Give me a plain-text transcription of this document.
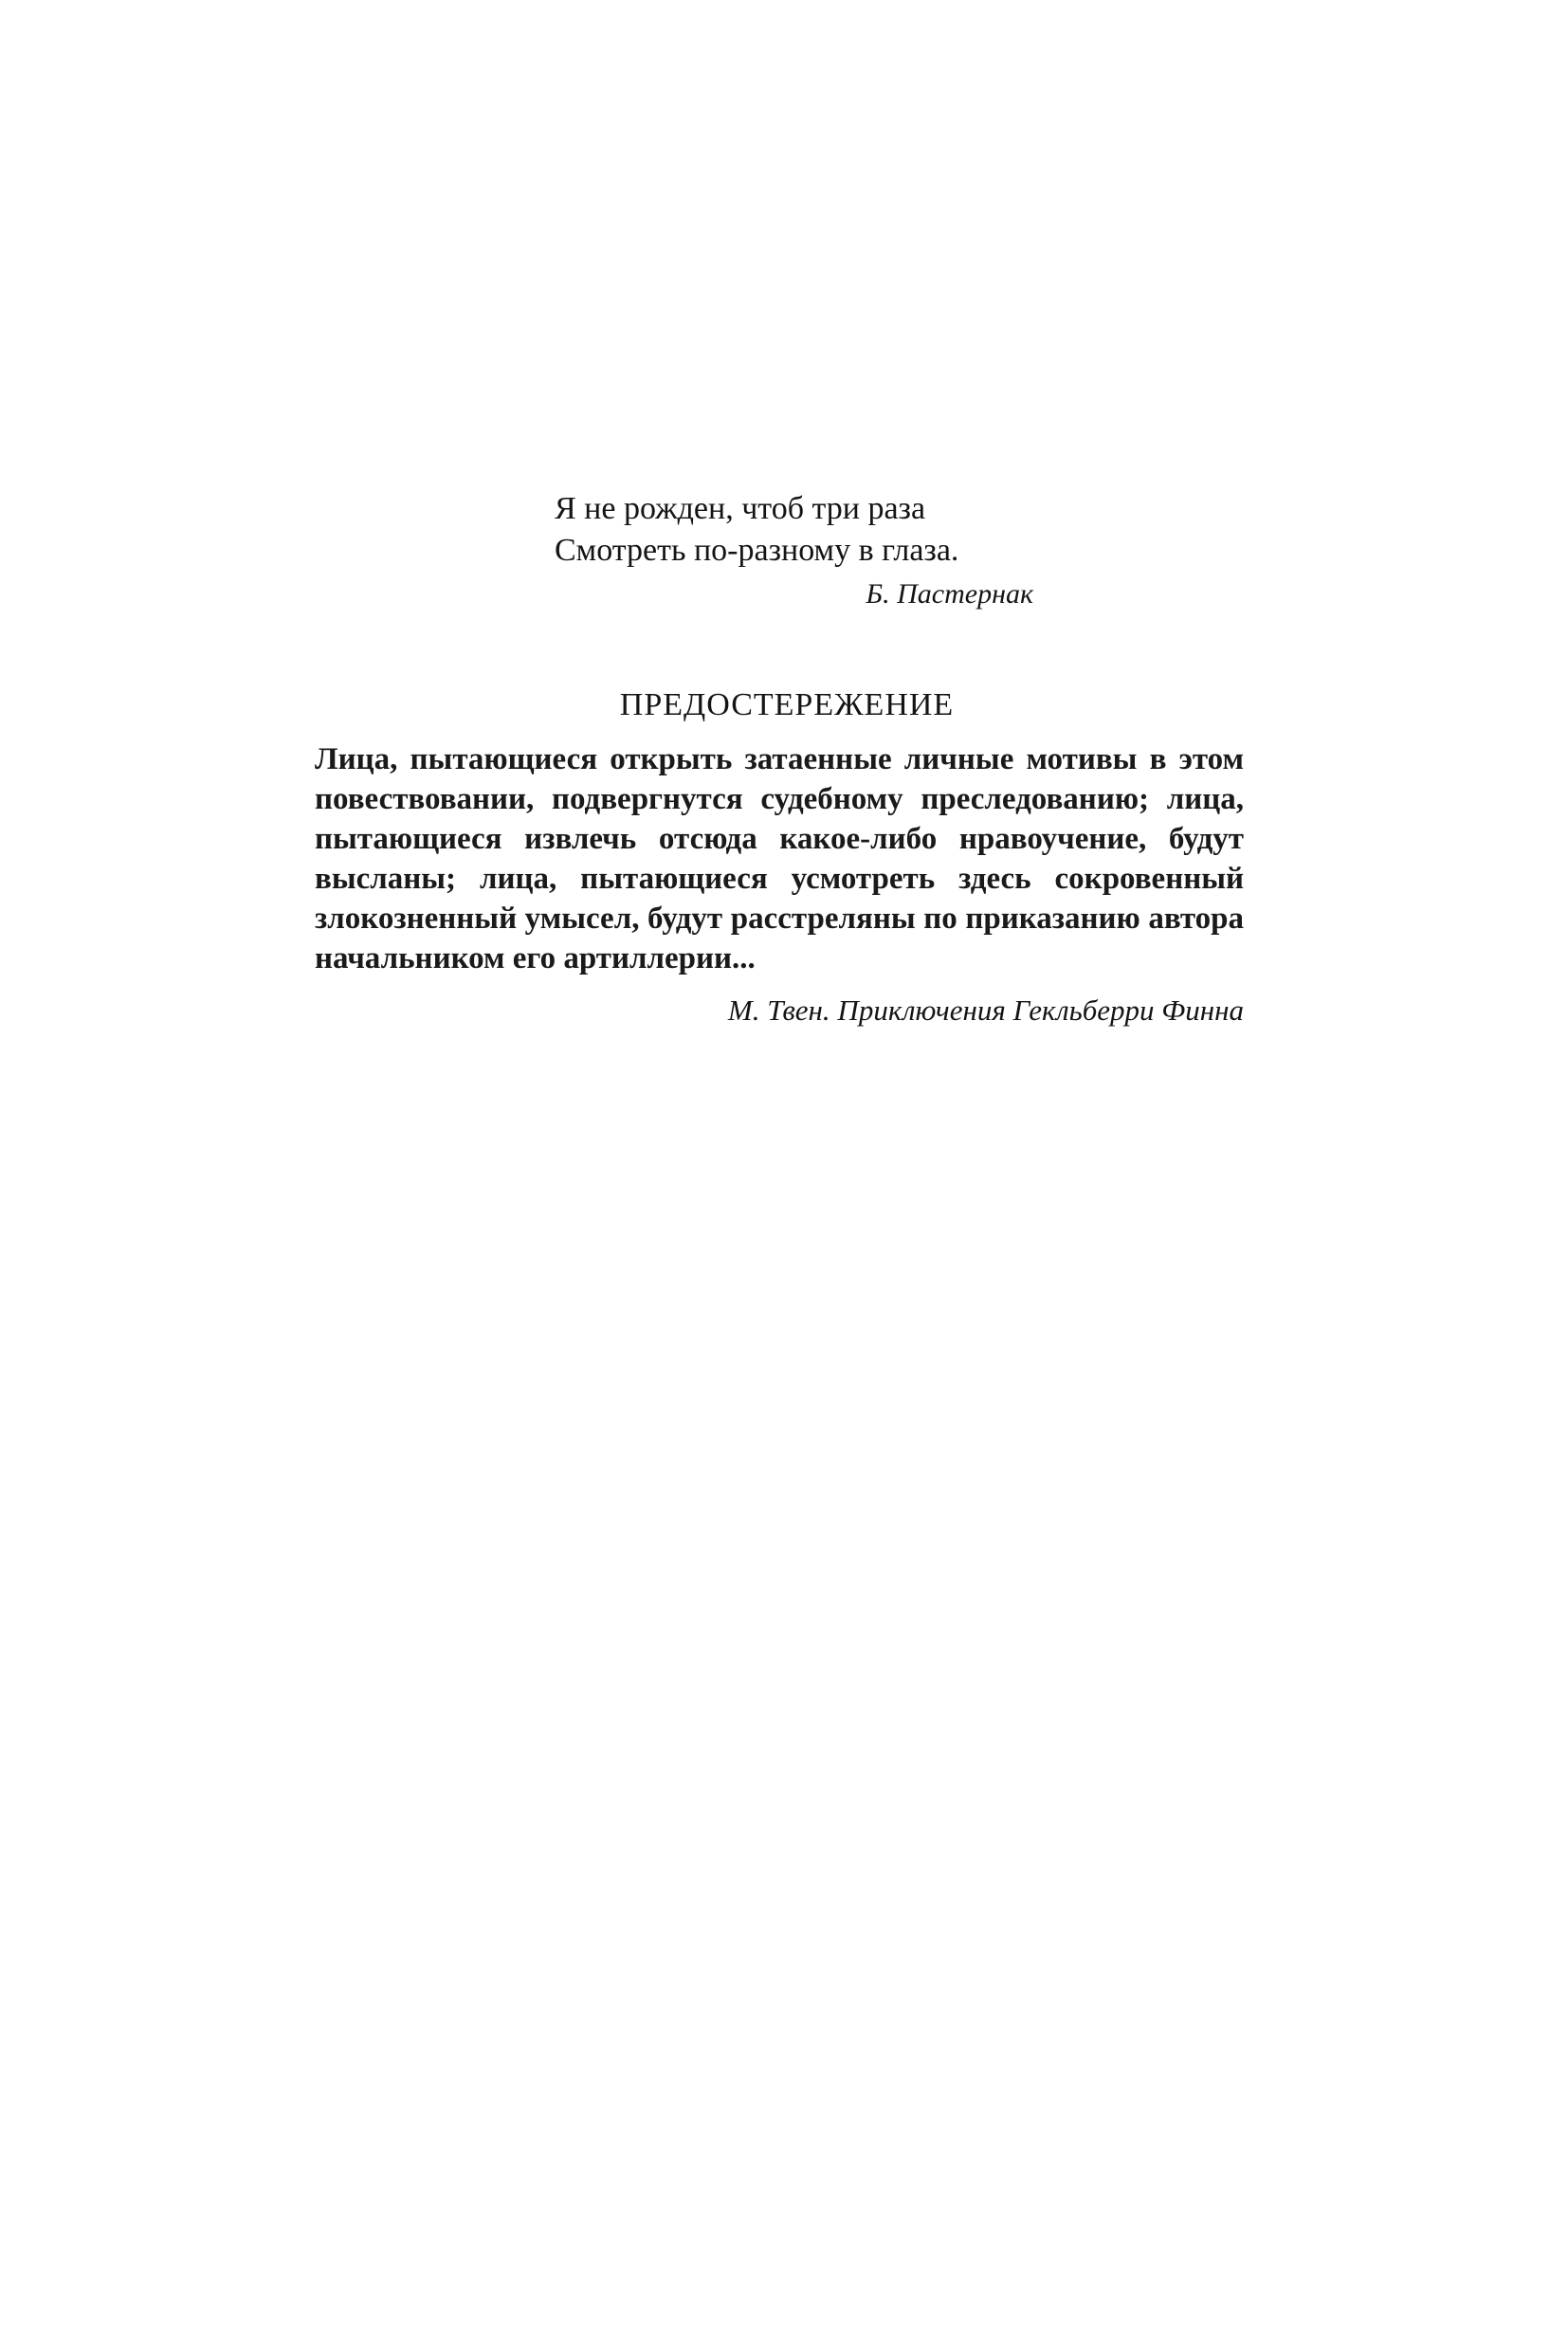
Я не рожден, чтоб три раза
Смотреть по-разному в глаза.
Б. Пастернак
ПРЕДОСТЕРЕЖЕНИЕ
Лица, пытающиеся открыть затаенные личные мотивы в этом повествовании, подвергнутся судебному преследованию; лица, пытающиеся извлечь отсюда какое-либо нравоучение, будут высланы; лица, пытающиеся усмотреть здесь сокровенный злокозненный умысел, будут расстреляны по приказанию автора начальником его артиллерии...
М. Твен. Приключения Гекльберри Финна
